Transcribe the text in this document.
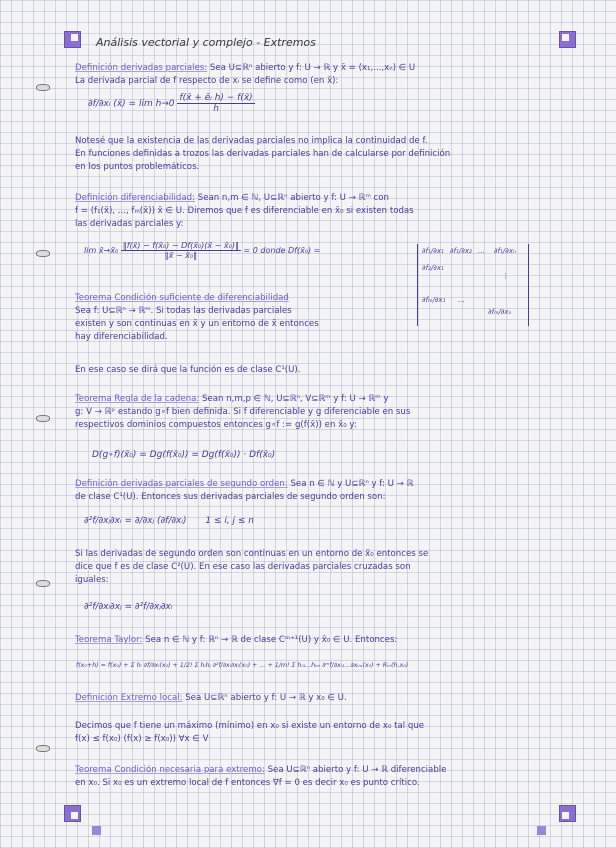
Análisis vectorial y complejo - Extremos
Definición derivadas parciales: Sea U⊆ℝⁿ abierto y f: U → ℝ y x̄ = (x₁,...,xₙ) ∈ U
La derivada parcial de f respecto de xᵢ se define como (en x̄):
∂f/∂xᵢ (x̄) = $\lim h\to 0 \frac{\text{f(x̄ + ēᵢ h) − f(x̄)}}{h}$
Notesé que la existencia de las derivadas parciales no implica la continuidad de f.
En funciones definidas a trozos las derivadas parciales han de calcularse por definición
en los puntos problemáticos.
Definición diferenciabilidad: Sean n,m ∈ ℕ, U⊆ℝⁿ abierto y f: U → ℝᵐ con
f = (f₁(x̄), ..., fₘ(x̄)) x̄ ∈ U. Diremos que f es diferenciable en x̄₀ si existen todas
las derivadas parciales y:
lim x̄→x̄₀ $\frac{\text{‖f(x̄) − f(x̄₀) − Df(x̄₀)(x̄ − x̄₀)‖}}{\text{‖x̄ − x̄₀‖}} = 0$ donde Df(x̄₀) =	∂f₁/∂x₁ ∂f₁/∂x₂ ... ∂f₁/∂xₙ
∂f₂/∂x₁
⋮
∂fₘ/∂x₁ ...
∂fₘ/∂xₙ
Teorema Condición suficiente de diferenciabilidad
Sea f: U⊆ℝⁿ → ℝᵐ. Si todas las derivadas parciales
existen y son continuas en x̄ y un entorno de x̄ entonces
hay diferenciabilidad.
En ese caso se dirá que la función es de clase C¹(U).
Teorema Regla de la cadena: Sean n,m,p ∈ ℕ, U⊆ℝⁿ, V⊆ℝᵐ y f: U → ℝᵐ y
g: V → ℝᵖ estando g∘f bien definida. Si f diferenciable y g diferenciable en sus
respectivos dominios compuestos entonces g∘f := g(f(x̄)) en x̄₀ y:
D(g∘f)(x̄₀) = Dg(f(x̄₀)) = Dg(f(x̄₀)) · Df(x̄₀)
Definición derivadas parciales de segundo orden: Sea n ∈ ℕ y U⊆ℝⁿ y f: U → ℝ
de clase C¹(U). Entonces sus derivadas parciales de segundo orden son:
∂²f/∂xⱼ∂xᵢ = ∂/∂xⱼ (∂f/∂xᵢ) 1 ≤ i, j ≤ n
Si las derivadas de segundo orden son continuas en un entorno de x̄₀ entonces se
dice que f es de clase C²(U). En ese caso las derivadas parciales cruzadas son
iguales:
∂²f/∂xᵢ∂xⱼ = ∂²f/∂xⱼ∂xᵢ
Teorema Taylor: Sea n ∈ ℕ y f: ℝⁿ → ℝ de clase Cᵐ⁺¹(U) y x̄₀ ∈ U. Entonces:
f(x₀+h) = f(x₀) + Σ hᵢ ∂f/∂xᵢ(x₀) + 1/2! Σ hᵢhⱼ ∂²f/∂xᵢ∂xⱼ(x₀) + ... + 1/m! Σ hᵢ₁...hᵢₘ ∂ᵐf/∂xᵢ₁...∂xᵢₘ(x₀) + Rₘ(h,x₀)
Definición Extremo local: Sea U⊆ℝⁿ abierto y f: U → ℝ y x₀ ∈ U.
Decimos que f tiene un máximo (mínimo) en x₀ si existe un entorno de x₀ tal que
f(x) ≤ f(x₀) (f(x) ≥ f(x₀)) ∀x ∈ V
Teorema Condición necesaria para extremo: Sea U⊆ℝⁿ abierto y f: U → ℝ diferenciable
en x₀. Si x₀ es un extremo local de f entonces ∇f = 0 es decir x₀ es punto crítico.
